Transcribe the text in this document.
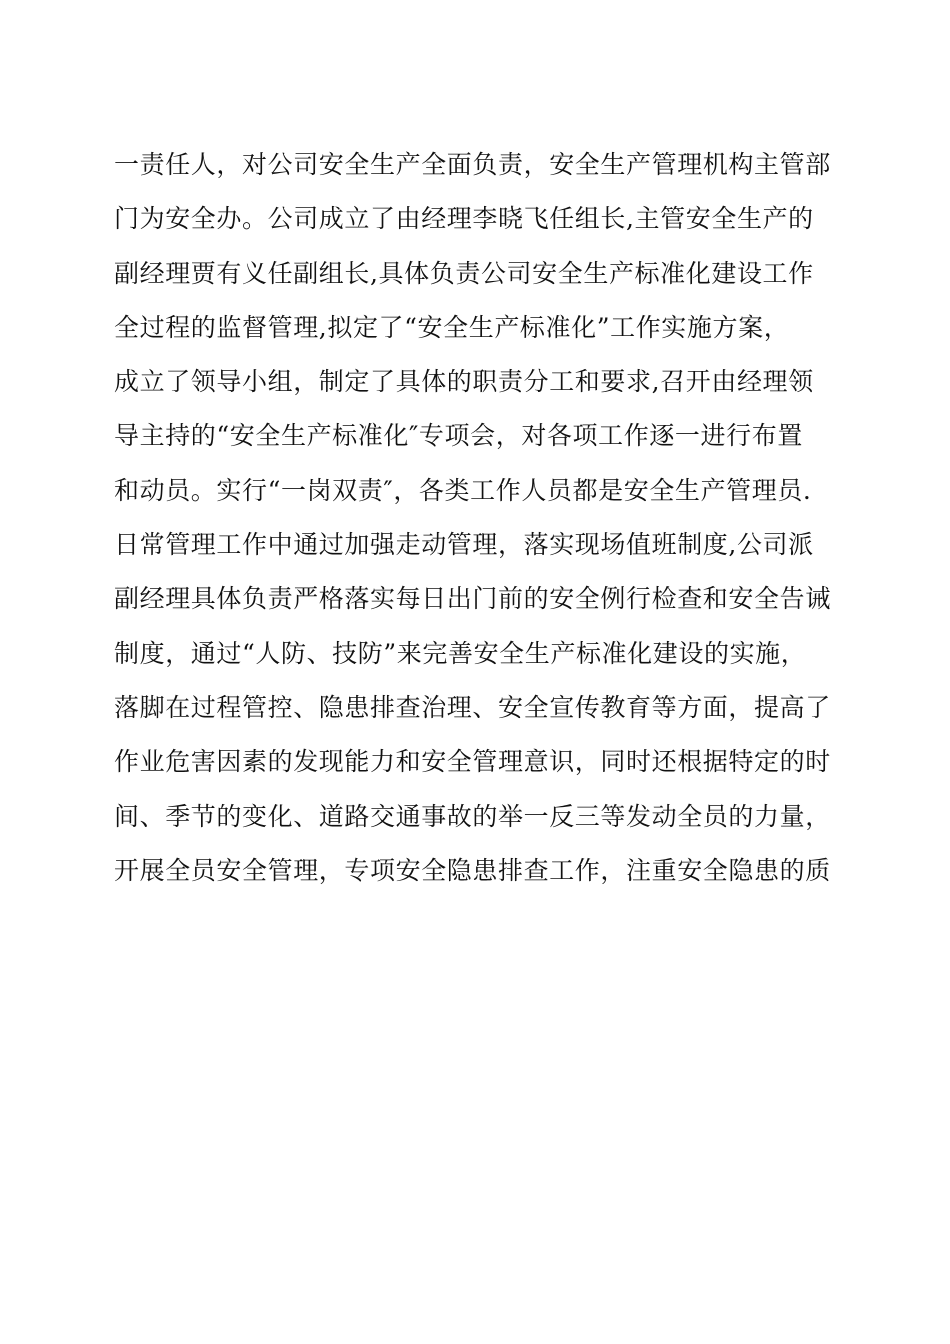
一责任人，对公司安全生产全面负责，安全生产管理机构主管部
门为安全办。公司成立了由经理李晓飞任组长,主管安全生产的
副经理贾有义任副组长,具体负责公司安全生产标准化建设工作
全过程的监督管理,拟定了“安全生产标准化”工作实施方案，
成立了领导小组，制定了具体的职责分工和要求,召开由经理领
导主持的“安全生产标准化″专项会，对各项工作逐一进行布置
和动员。实行“一岗双责″，各类工作人员都是安全生产管理员.
日常管理工作中通过加强走动管理，落实现场值班制度,公司派
副经理具体负责严格落实每日出门前的安全例行检查和安全告诫
制度，通过“人防、技防”来完善安全生产标准化建设的实施，
落脚在过程管控、隐患排查治理、安全宣传教育等方面，提高了
作业危害因素的发现能力和安全管理意识，同时还根据特定的时
间、季节的变化、道路交通事故的举一反三等发动全员的力量，
开展全员安全管理，专项安全隐患排查工作，注重安全隐患的质
